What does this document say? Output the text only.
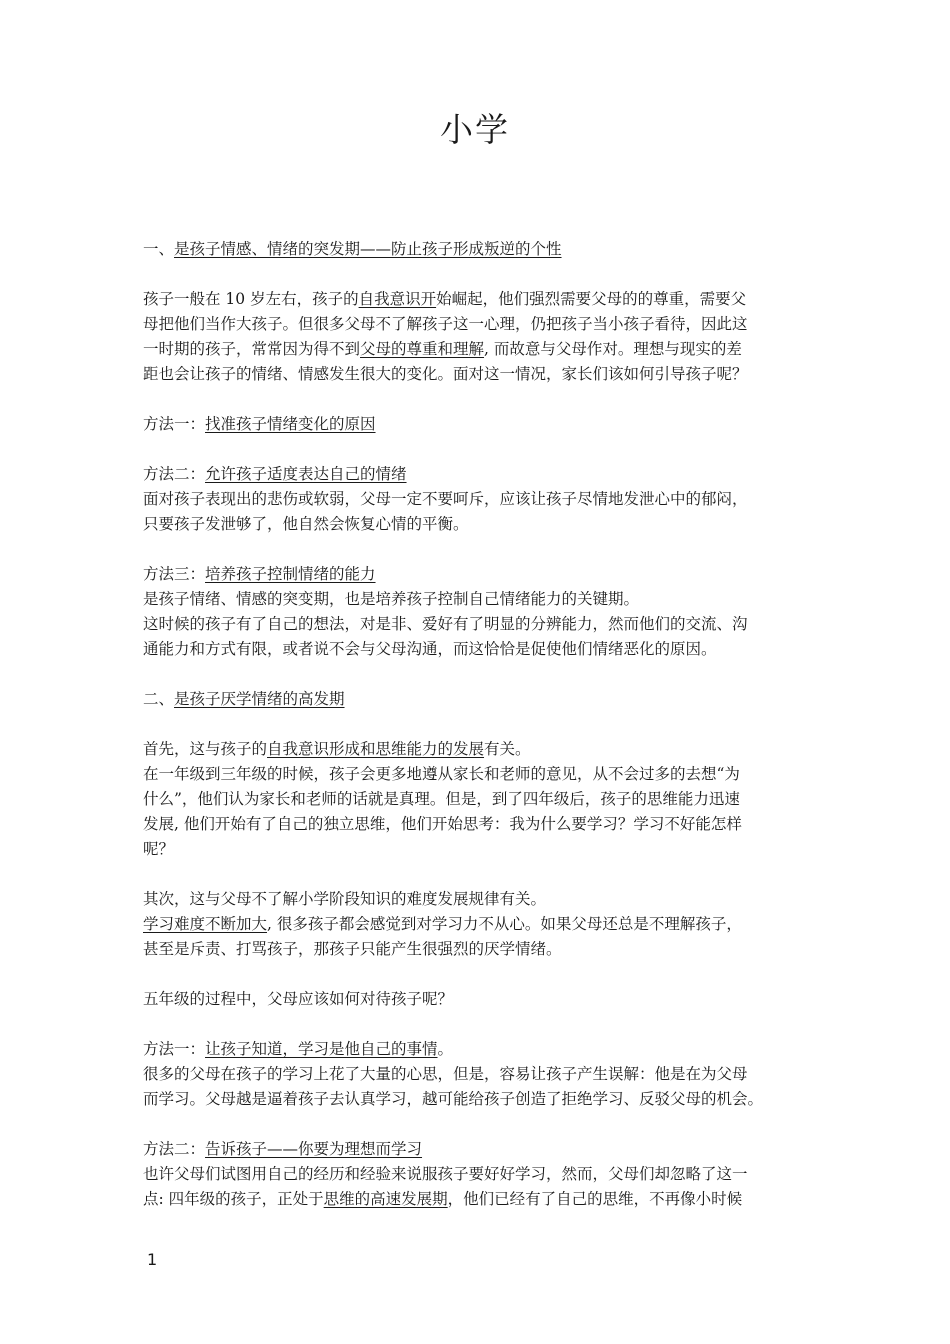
小学
一、是孩子情感、情绪的突发期——防止孩子形成叛逆的个性
孩子一般在 10 岁左右，孩子的自我意识开始崛起，他们强烈需要父母的的尊重，需要父
母把他们当作大孩子。但很多父母不了解孩子这一心理，仍把孩子当小孩子看待，因此这
一时期的孩子，常常因为得不到父母的尊重和理解, 而故意与父母作对。理想与现实的差
距也会让孩子的情绪、情感发生很大的变化。面对这一情况，家长们该如何引导孩子呢？
方法一：找准孩子情绪变化的原因
方法二：允许孩子适度表达自己的情绪
面对孩子表现出的悲伤或软弱，父母一定不要呵斥，应该让孩子尽情地发泄心中的郁闷，
只要孩子发泄够了，他自然会恢复心情的平衡。
方法三：培养孩子控制情绪的能力
是孩子情绪、情感的突变期，也是培养孩子控制自己情绪能力的关键期。
这时候的孩子有了自己的想法，对是非、爱好有了明显的分辨能力，然而他们的交流、沟
通能力和方式有限，或者说不会与父母沟通，而这恰恰是促使他们情绪恶化的原因。
二、是孩子厌学情绪的高发期
首先，这与孩子的自我意识形成和思维能力的发展有关。
在一年级到三年级的时候，孩子会更多地遵从家长和老师的意见，从不会过多的去想“为
什么”，他们认为家长和老师的话就是真理。但是，到了四年级后，孩子的思维能力迅速
发展, 他们开始有了自己的独立思维，他们开始思考：我为什么要学习？学习不好能怎样
呢？
其次，这与父母不了解小学阶段知识的难度发展规律有关。
学习难度不断加大, 很多孩子都会感觉到对学习力不从心。如果父母还总是不理解孩子，
甚至是斥责、打骂孩子，那孩子只能产生很强烈的厌学情绪。
五年级的过程中，父母应该如何对待孩子呢？
方法一：让孩子知道，学习是他自己的事情。
很多的父母在孩子的学习上花了大量的心思，但是，容易让孩子产生误解：他是在为父母
而学习。父母越是逼着孩子去认真学习，越可能给孩子创造了拒绝学习、反驳父母的机会。
方法二：告诉孩子——你要为理想而学习
也许父母们试图用自己的经历和经验来说服孩子要好好学习，然而，父母们却忽略了这一
点: 四年级的孩子，正处于思维的高速发展期，他们已经有了自己的思维，不再像小时候
1
